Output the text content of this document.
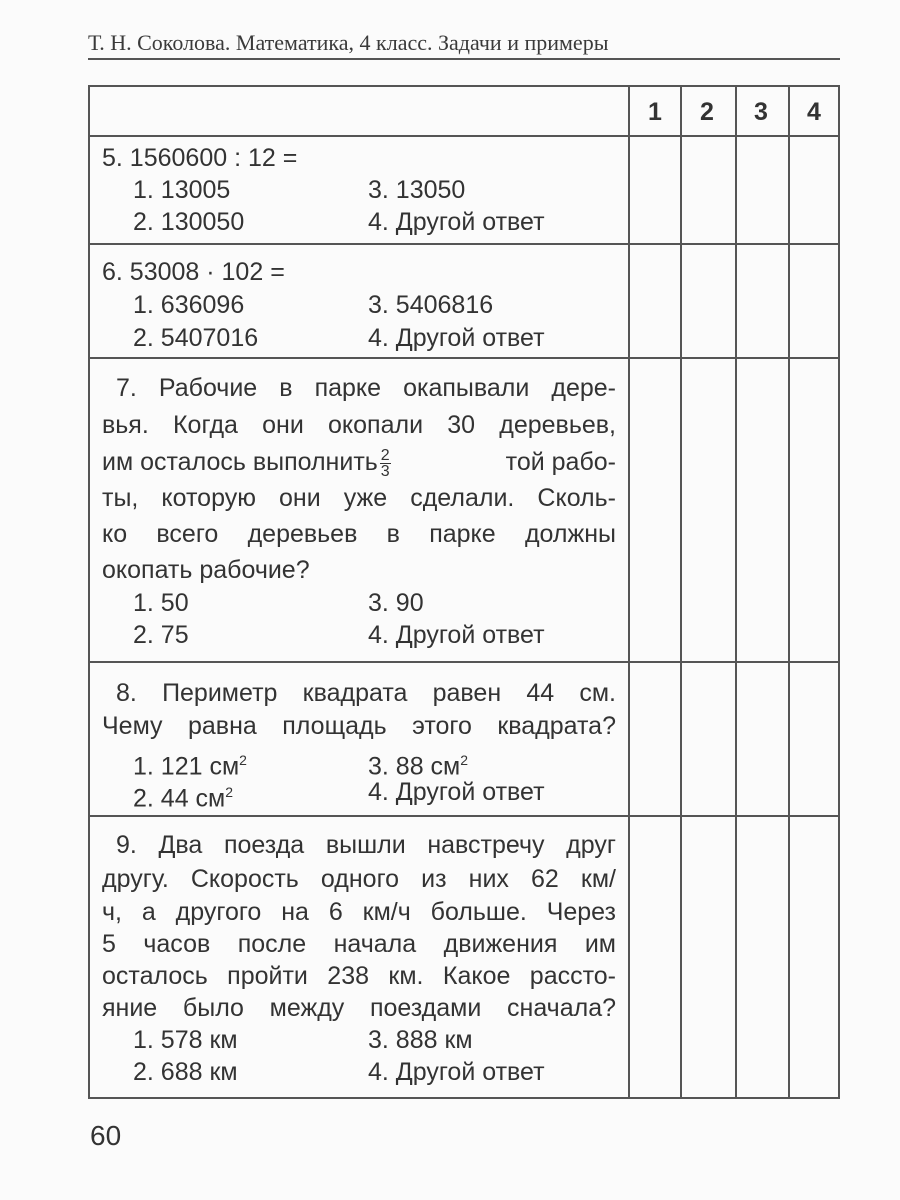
Т. Н. Соколова. Математика, 4 класс. Задачи и примеры
1	2	3	4
5. 1560600 : 12 =
1. 13005
2. 130050
3. 13050
4. Другой ответ
6. 53008 · 102 =
1. 636096
2. 5407016
3. 5406816
4. Другой ответ
7. Рабочие в парке окапывали дере-
вья. Когда они окопали 30 деревьев,
им осталось выполнить $\frac{2}{3}$	той рабо-
ты, которую они уже сделали. Сколь-
ко всего деревьев в парке должны
окопать рабочие?
1. 50
2. 75
3. 90
4. Другой ответ
8. Периметр квадрата равен 44 см.
Чему равна площадь этого квадрата?
1. 121 $см^2$
2. 44 $см^2$
3. 88 $см^2$
4. Другой ответ
9. Два поезда вышли навстречу друг
другу. Скорость одного из них 62 км/
ч, а другого на 6 км/ч больше. Через
5 часов после начала движения им
осталось пройти 238 км. Какое рассто-
яние было между поездами сначала?
1. 578 км
2. 688 км
3. 888 км
4. Другой ответ
60
